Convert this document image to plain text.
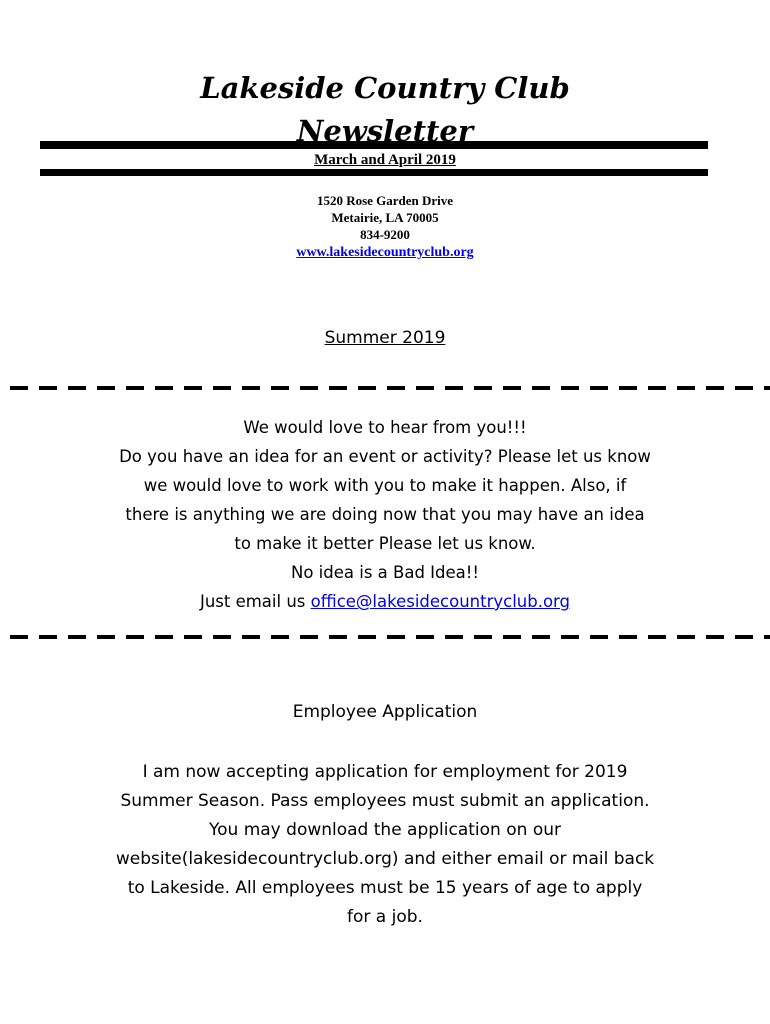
Lakeside Country Club
Newsletter
March and April 2019
1520 Rose Garden Drive
Metairie, LA 70005
834-9200
www.lakesidecountryclub.org
Summer 2019
We would love to hear from you!!!
Do you have an idea for an event or activity? Please let us know
we would love to work with you to make it happen. Also, if
there is anything we are doing now that you may have an idea
to make it better Please let us know.
No idea is a Bad Idea!!
Just email us office@lakesidecountryclub.org
Employee Application
I am now accepting application for employment for 2019
Summer Season. Pass employees must submit an application.
You may download the application on our
website(lakesidecountryclub.org) and either email or mail back
to Lakeside. All employees must be 15 years of age to apply
for a job.
